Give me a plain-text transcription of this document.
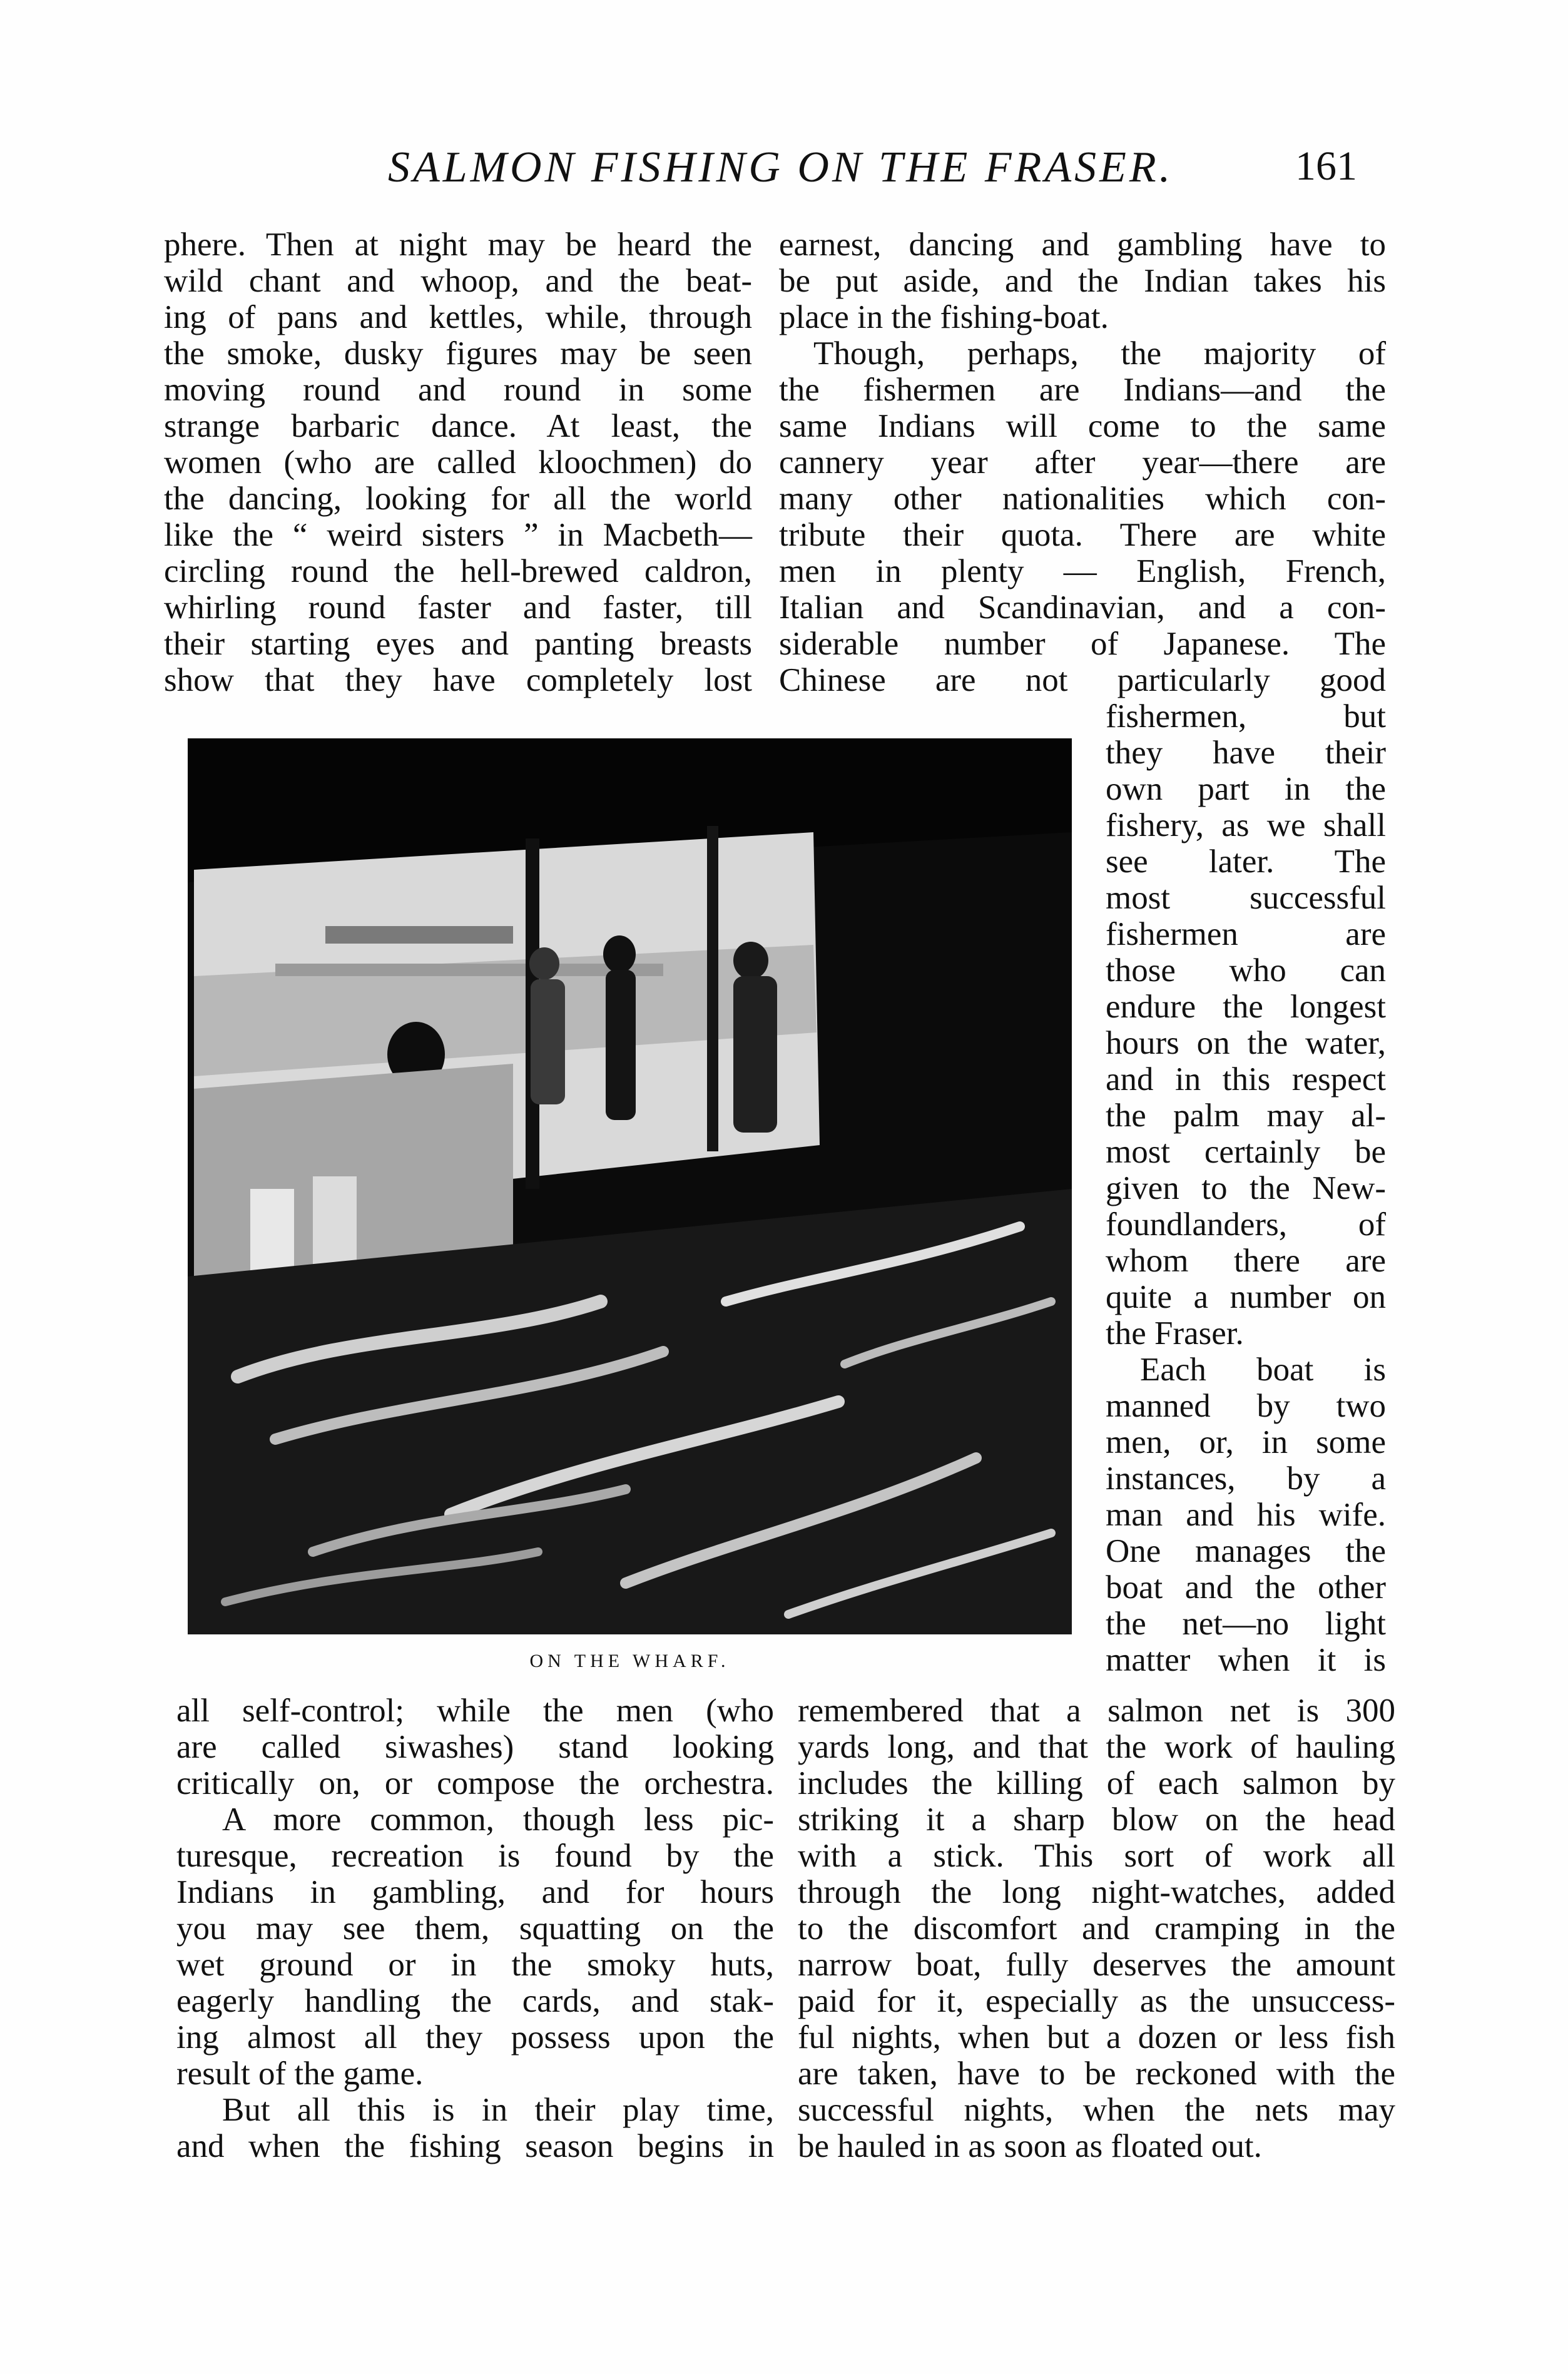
SALMON FISHING ON THE FRASER.	161

phere. Then at night may be heard the

wild chant and whoop, and the beat-

ing of pans and kettles, while, through

the smoke, dusky figures may be seen

moving round and round in some

strange barbaric dance. At least, the

women (who are called kloochmen) do

the dancing, looking for all the world

like the “ weird sisters ” in Macbeth—

circling round the hell-brewed caldron,

whirling round faster and faster, till

their starting eyes and panting breasts

show that they have completely lost

earnest, dancing and gambling have to

be put aside, and the Indian takes his

place in the fishing-boat.

Though, perhaps, the majority of

the fishermen are Indians—and the

same Indians will come to the same

cannery year after year—there are

many other nationalities which con-

tribute their quota. There are white

men in plenty — English, French,

Italian and Scandinavian, and a con-

siderable number of Japanese. The

Chinese are not particularly good

ON THE WHARF.

fishermen, but

they have their

own part in the

fishery, as we shall

see later. The

most successful

fishermen are

those who can

endure the longest

hours on the water,

and in this respect

the palm may al-

most certainly be

given to the New-

foundlanders, of

whom there are

quite a number on

the Fraser.

Each boat is

manned by two

men, or, in some

instances, by a

man and his wife.

One manages the

boat and the other

the net—no light

matter when it is

all self-control; while the men (who

are called siwashes) stand looking

critically on, or compose the orchestra.

A more common, though less pic-

turesque, recreation is found by the

Indians in gambling, and for hours

you may see them, squatting on the

wet ground or in the smoky huts,

eagerly handling the cards, and stak-

ing almost all they possess upon the

result of the game.

But all this is in their play time,

and when the fishing season begins in

remembered that a salmon net is 300

yards long, and that the work of hauling

includes the killing of each salmon by

striking it a sharp blow on the head

with a stick. This sort of work all

through the long night-watches, added

to the discomfort and cramping in the

narrow boat, fully deserves the amount

paid for it, especially as the unsuccess-

ful nights, when but a dozen or less fish

are taken, have to be reckoned with the

successful nights, when the nets may

be hauled in as soon as floated out.
